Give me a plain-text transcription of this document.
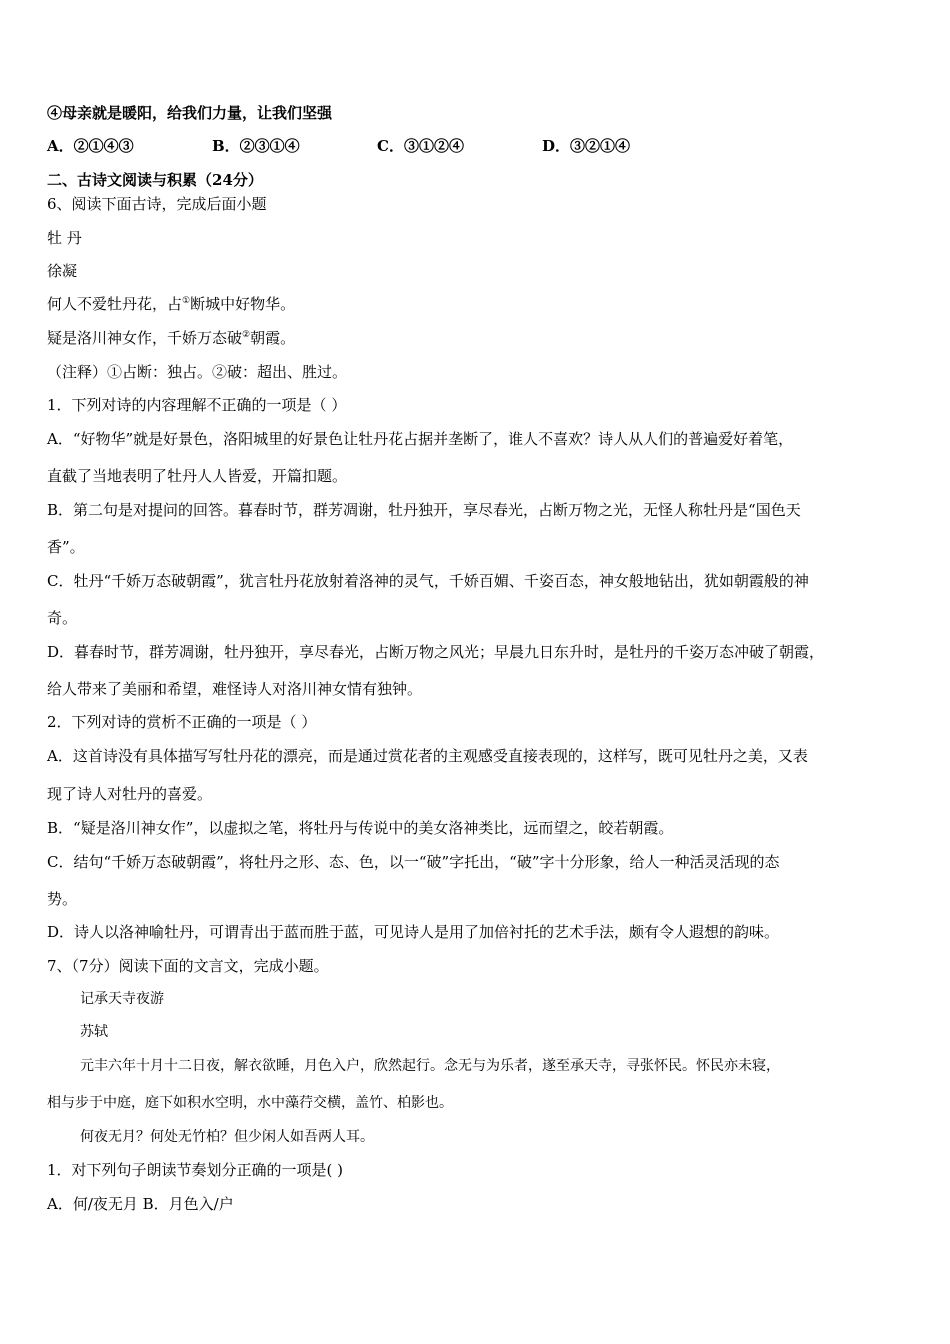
④母亲就是暖阳，给我们力量，让我们坚强
A．②①④③	B．②③①④	C．③①②④	D．③②①④
二、古诗文阅读与积累（24分）
6、阅读下面古诗，完成后面小题
牡 丹
徐凝
何人不爱牡丹花，占①断城中好物华。
疑是洛川神女作，千娇万态破②朝霞。
（注释）①占断：独占。②破：超出、胜过。
1．下列对诗的内容理解不正确的一项是（ ）
A．“好物华”就是好景色，洛阳城里的好景色让牡丹花占据并垄断了，谁人不喜欢？诗人从人们的普遍爱好着笔，
直截了当地表明了牡丹人人皆爱，开篇扣题。
B．第二句是对提问的回答。暮春时节，群芳凋谢，牡丹独开，享尽春光，占断万物之光，无怪人称牡丹是“国色天
香”。
C．牡丹“千娇万态破朝霞”，犹言牡丹花放射着洛神的灵气，千娇百媚、千姿百态，神女般地钻出，犹如朝霞般的神
奇。
D．暮春时节，群芳凋谢，牡丹独开，享尽春光，占断万物之风光；早晨九日东升时，是牡丹的千姿万态冲破了朝霞，
给人带来了美丽和希望，难怪诗人对洛川神女情有独钟。
2．下列对诗的赏析不正确的一项是（ ）
A．这首诗没有具体描写写牡丹花的漂亮，而是通过赏花者的主观感受直接表现的，这样写，既可见牡丹之美，又表
现了诗人对牡丹的喜爱。
B．“疑是洛川神女作”，以虚拟之笔，将牡丹与传说中的美女洛神类比，远而望之，皎若朝霞。
C．结句“千娇万态破朝霞”，将牡丹之形、态、色，以一“破”字托出，“破”字十分形象，给人一种活灵活现的态
势。
D．诗人以洛神喻牡丹，可谓青出于蓝而胜于蓝，可见诗人是用了加倍衬托的艺术手法，颇有令人遐想的韵味。
7、（7分）阅读下面的文言文，完成小题。
记承天寺夜游
苏轼
元丰六年十月十二日夜，解衣欲睡，月色入户，欣然起行。念无与为乐者，遂至承天寺，寻张怀民。怀民亦未寝，
相与步于中庭，庭下如积水空明，水中藻荇交横，盖竹、柏影也。
何夜无月？何处无竹柏？但少闲人如吾两人耳。
1．对下列句子朗读节奏划分正确的一项是( )
A．何/夜无月 B．月色入/户
